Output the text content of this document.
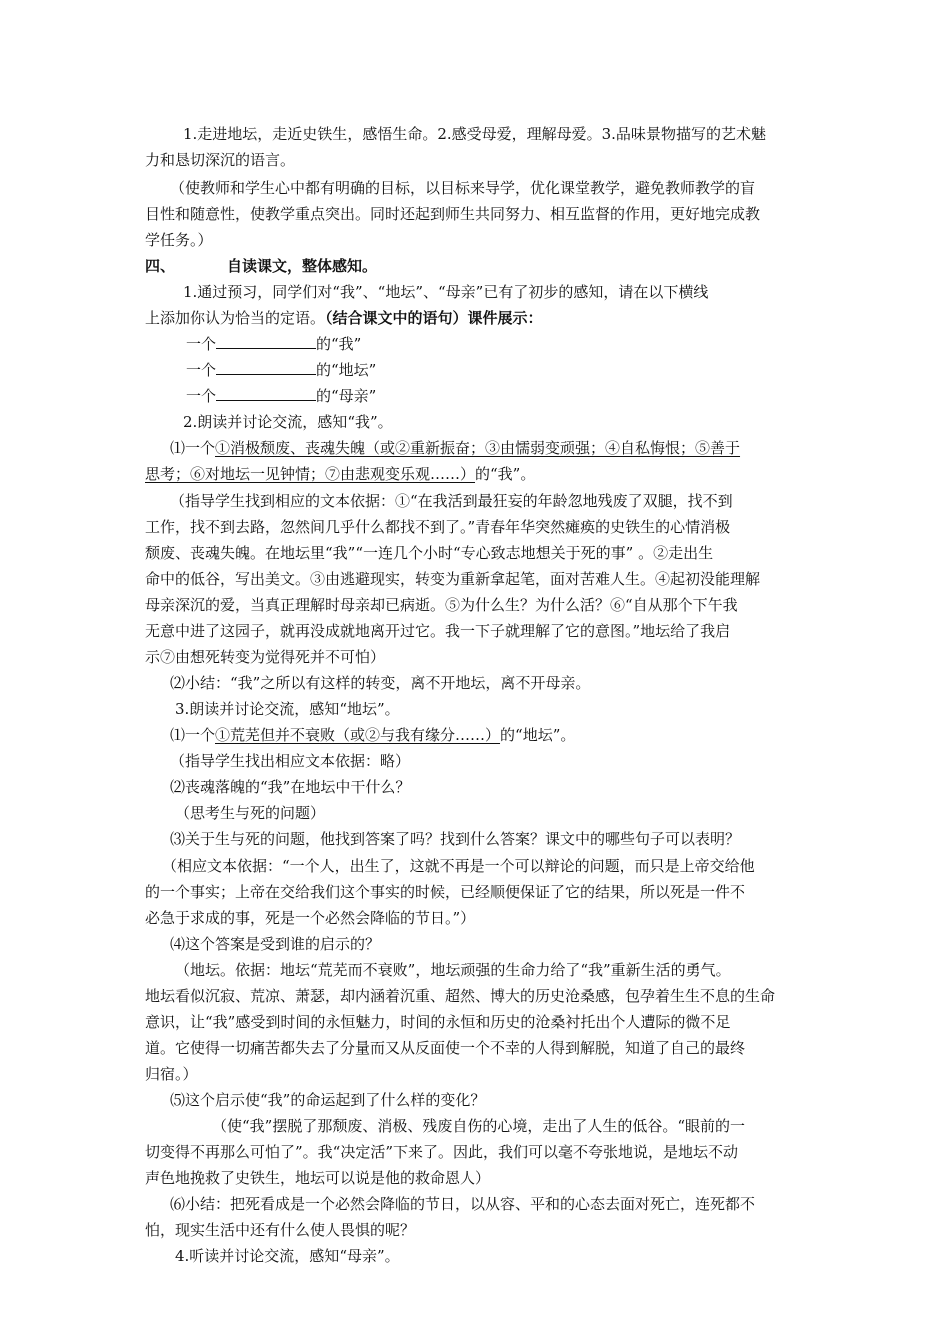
1.走进地坛，走近史铁生，感悟生命。2.感受母爱，理解母爱。3.品味景物描写的艺术魅
力和恳切深沉的语言。
（使教师和学生心中都有明确的目标，以目标来导学，优化课堂教学，避免教师教学的盲
目性和随意性，使教学重点突出。同时还起到师生共同努力、相互监督的作用，更好地完成教
学任务。）
四、	自读课文，整体感知。
1.通过预习，同学们对“我”、“地坛”、“母亲”已有了初步的感知，请在以下横线
上添加你认为恰当的定语。（结合课文中的语句）课件展示：
一个	的“我”
一个	的“地坛”
一个	的“母亲”
2.朗读并讨论交流，感知“我”。
⑴一个①消极颓废、丧魂失魄（或②重新振奋；③由懦弱变顽强；④自私悔恨；⑤善于
思考；⑥对地坛一见钟情；⑦由悲观变乐观……）的“我”。
（指导学生找到相应的文本依据：①“在我活到最狂妄的年龄忽地残废了双腿，找不到
工作，找不到去路，忽然间几乎什么都找不到了。”青春年华突然瘫痪的史铁生的心情消极
颓废、丧魂失魄。在地坛里“我”“一连几个小时“专心致志地想关于死的事” 。②走出生
命中的低谷，写出美文。③由逃避现实，转变为重新拿起笔，面对苦难人生。④起初没能理解
母亲深沉的爱，当真正理解时母亲却已病逝。⑤为什么生？为什么活？⑥“自从那个下午我
无意中进了这园子，就再没成就地离开过它。我一下子就理解了它的意图。”地坛给了我启
示⑦由想死转变为觉得死并不可怕）
⑵小结：“我”之所以有这样的转变，离不开地坛，离不开母亲。
3.朗读并讨论交流，感知“地坛”。
⑴一个①荒芜但并不衰败（或②与我有缘分……）的“地坛”。
（指导学生找出相应文本依据：略）
⑵丧魂落魄的“我”在地坛中干什么？
（思考生与死的问题）
⑶关于生与死的问题，他找到答案了吗？找到什么答案？课文中的哪些句子可以表明？
（相应文本依据：“一个人，出生了，这就不再是一个可以辩论的问题，而只是上帝交给他
的一个事实；上帝在交给我们这个事实的时候，已经顺便保证了它的结果，所以死是一件不
必急于求成的事，死是一个必然会降临的节日。”）
⑷这个答案是受到谁的启示的？
（地坛。依据：地坛“荒芜而不衰败”，地坛顽强的生命力给了“我”重新生活的勇气。
地坛看似沉寂、荒凉、萧瑟，却内涵着沉重、超然、博大的历史沧桑感，包孕着生生不息的生命
意识，让“我”感受到时间的永恒魅力，时间的永恒和历史的沧桑衬托出个人遭际的微不足
道。它使得一切痛苦都失去了分量而又从反面使一个不幸的人得到解脱，知道了自己的最终
归宿。）
⑸这个启示使“我”的命运起到了什么样的变化？
（使“我”摆脱了那颓废、消极、残废自伤的心境，走出了人生的低谷。“眼前的一
切变得不再那么可怕了”。我“决定活”下来了。因此，我们可以毫不夸张地说，是地坛不动
声色地挽救了史铁生，地坛可以说是他的救命恩人）
⑹小结：把死看成是一个必然会降临的节日，以从容、平和的心态去面对死亡，连死都不
怕，现实生活中还有什么使人畏惧的呢？
4.听读并讨论交流，感知“母亲”。
